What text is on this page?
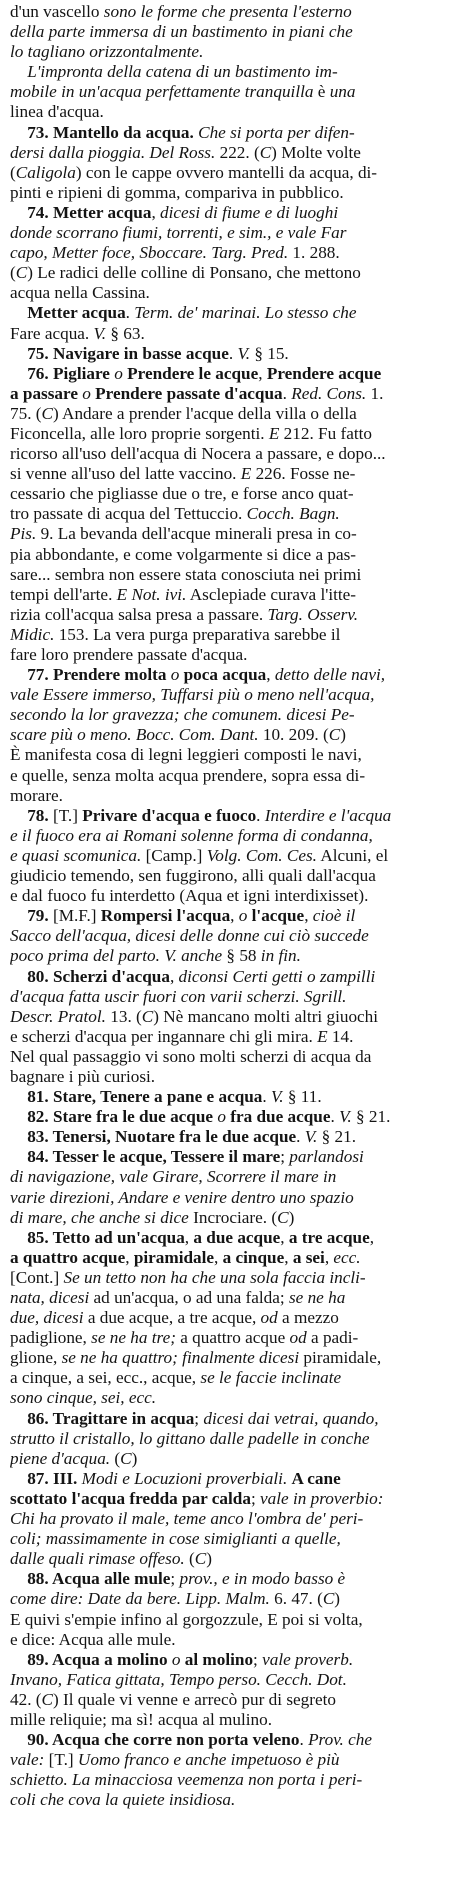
d'un vascello sono le forme che presenta l'esterno
della parte immersa di un bastimento in piani che
lo tagliano orizzontalmente.
L'impronta della catena di un bastimento im-
mobile in un'acqua perfettamente tranquilla è una
linea d'acqua.
73. Mantello da acqua. Che si porta per difen-
dersi dalla pioggia. Del Ross. 222. (C) Molte volte
(Caligola) con le cappe ovvero mantelli da acqua, di-
pinti e ripieni di gomma, compariva in pubblico.
74. Metter acqua, dicesi di fiume e di luoghi
donde scorrano fiumi, torrenti, e sim., e vale Far
capo, Metter foce, Sboccare. Targ. Pred. 1. 288.
(C) Le radici delle colline di Ponsano, che mettono
acqua nella Cassina.
Metter acqua. Term. de' marinai. Lo stesso che
Fare acqua. V. § 63.
75. Navigare in basse acque. V. § 15.
76. Pigliare o Prendere le acque, Prendere acque
a passare o Prendere passate d'acqua. Red. Cons. 1.
75. (C) Andare a prender l'acque della villa o della
Ficoncella, alle loro proprie sorgenti. E 212. Fu fatto
ricorso all'uso dell'acqua di Nocera a passare, e dopo...
si venne all'uso del latte vaccino. E 226. Fosse ne-
cessario che pigliasse due o tre, e forse anco quat-
tro passate di acqua del Tettuccio. Cocch. Bagn.
Pis. 9. La bevanda dell'acque minerali presa in co-
pia abbondante, e come volgarmente si dice a pas-
sare... sembra non essere stata conosciuta nei primi
tempi dell'arte. E Not. ivi. Asclepiade curava l'itte-
rizia coll'acqua salsa presa a passare. Targ. Osserv.
Midic. 153. La vera purga preparativa sarebbe il
fare loro prendere passate d'acqua.
77. Prendere molta o poca acqua, detto delle navi,
vale Essere immerso, Tuffarsi più o meno nell'acqua,
secondo la lor gravezza; che comunem. dicesi Pe-
scare più o meno. Bocc. Com. Dant. 10. 209. (C)
È manifesta cosa di legni leggieri composti le navi,
e quelle, senza molta acqua prendere, sopra essa di-
morare.
78. [T.] Privare d'acqua e fuoco. Interdire e l'acqua
e il fuoco era ai Romani solenne forma di condanna,
e quasi scomunica. [Camp.] Volg. Com. Ces. Alcuni, el
giudicio temendo, sen fuggirono, alli quali dall'acqua
e dal fuoco fu interdetto (Aqua et igni interdixisset).
79. [M.F.] Rompersi l'acqua, o l'acque, cioè il
Sacco dell'acqua, dicesi delle donne cui ciò succede
poco prima del parto. V. anche § 58 in fin.
80. Scherzi d'acqua, diconsi Certi getti o zampilli
d'acqua fatta uscir fuori con varii scherzi. Sgrill.
Descr. Pratol. 13. (C) Nè mancano molti altri giuochi
e scherzi d'acqua per ingannare chi gli mira. E 14.
Nel qual passaggio vi sono molti scherzi di acqua da
bagnare i più curiosi.
81. Stare, Tenere a pane e acqua. V. § 11.
82. Stare fra le due acque o fra due acque. V. § 21.
83. Tenersi, Nuotare fra le due acque. V. § 21.
84. Tesser le acque, Tessere il mare; parlandosi
di navigazione, vale Girare, Scorrere il mare in
varie direzioni, Andare e venire dentro uno spazio
di mare, che anche si dice Incrociare. (C)
85. Tetto ad un'acqua, a due acque, a tre acque,
a quattro acque, piramidale, a cinque, a sei, ecc.
[Cont.] Se un tetto non ha che una sola faccia incli-
nata, dicesi ad un'acqua, o ad una falda; se ne ha
due, dicesi a due acque, a tre acque, od a mezzo
padiglione, se ne ha tre; a quattro acque od a padi-
glione, se ne ha quattro; finalmente dicesi piramidale,
a cinque, a sei, ecc., acque, se le faccie inclinate
sono cinque, sei, ecc.
86. Tragittare in acqua; dicesi dai vetrai, quando,
strutto il cristallo, lo gittano dalle padelle in conche
piene d'acqua. (C)
87. III. Modi e Locuzioni proverbiali. A cane
scottato l'acqua fredda par calda; vale in proverbio:
Chi ha provato il male, teme anco l'ombra de' peri-
coli; massimamente in cose simiglianti a quelle,
dalle quali rimase offeso. (C)
88. Acqua alle mule; prov., e in modo basso è
come dire: Date da bere. Lipp. Malm. 6. 47. (C)
E quivi s'empie infino al gorgozzule, E poi si volta,
e dice: Acqua alle mule.
89. Acqua a molino o al molino; vale proverb.
Invano, Fatica gittata, Tempo perso. Cecch. Dot.
42. (C) Il quale vi venne e arrecò pur di segreto
mille reliquie; ma sì! acqua al mulino.
90. Acqua che corre non porta veleno. Prov. che
vale: [T.] Uomo franco e anche impetuoso è più
schietto. La minacciosa veemenza non porta i peri-
coli che cova la quiete insidiosa.
